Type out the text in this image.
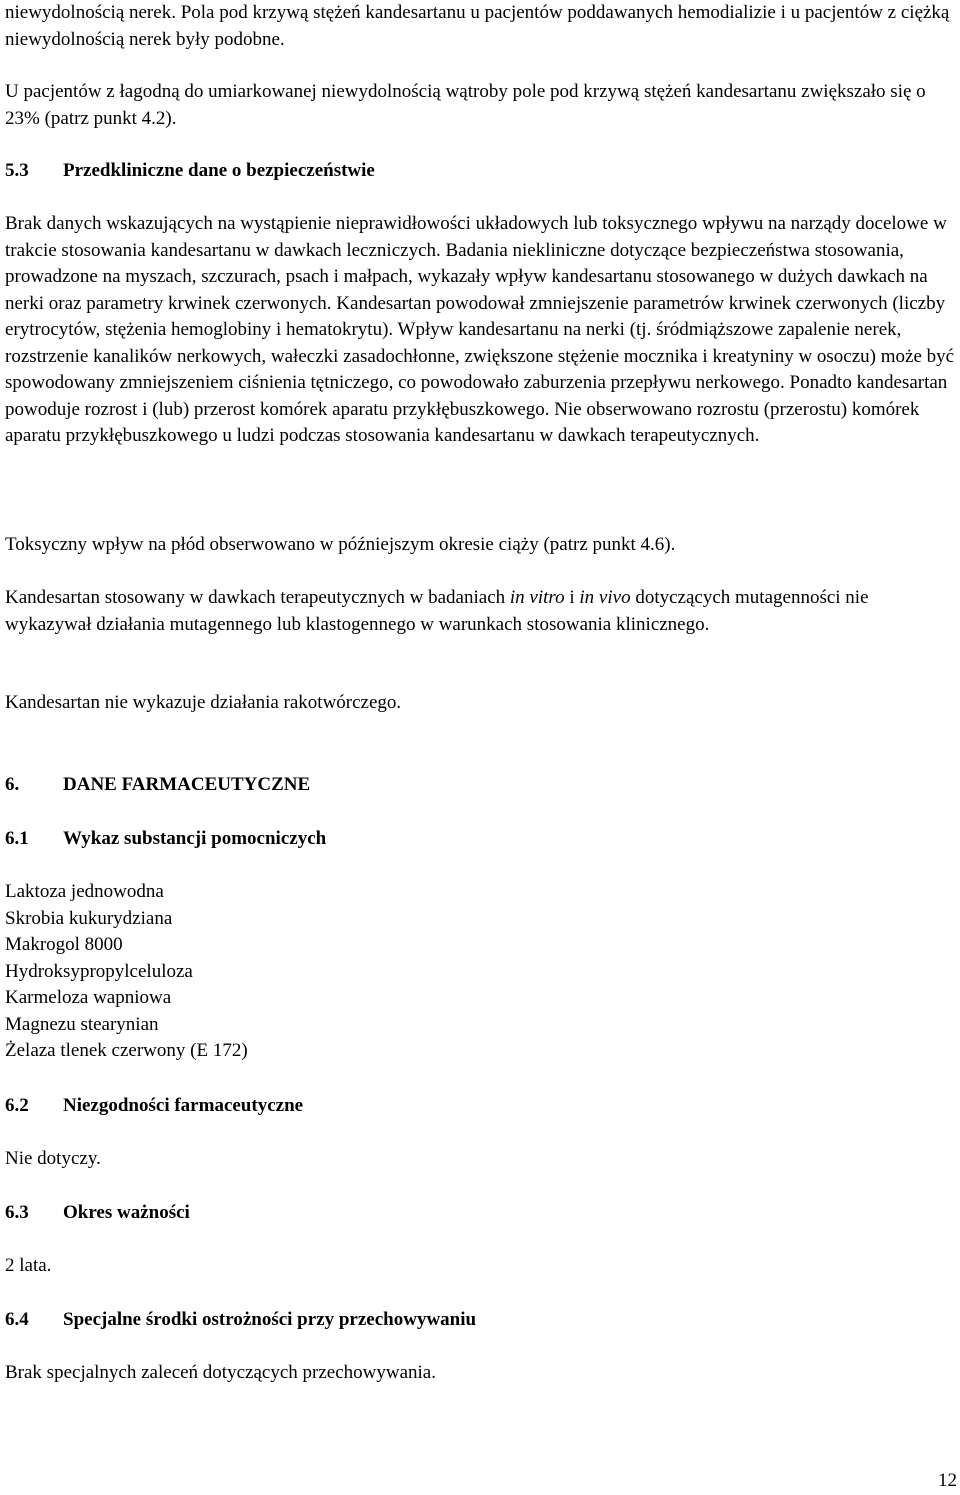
niewydolnością nerek. Pola pod krzywą stężeń kandesartanu u pacjentów poddawanych hemodializie i u pacjentów z ciężką niewydolnością nerek były podobne.

U pacjentów z łagodną do umiarkowanej niewydolnością wątroby pole pod krzywą stężeń kandesartanu zwiększało się o 23% (patrz punkt 4.2).

5.3 Przedkliniczne dane o bezpieczeństwie

Brak danych wskazujących na wystąpienie nieprawidłowości układowych lub toksycznego wpływu na narządy docelowe w trakcie stosowania kandesartanu w dawkach leczniczych. Badania niekliniczne dotyczące bezpieczeństwa stosowania, prowadzone na myszach, szczurach, psach i małpach, wykazały wpływ kandesartanu stosowanego w dużych dawkach na nerki oraz parametry krwinek czerwonych. Kandesartan powodował zmniejszenie parametrów krwinek czerwonych (liczby erytrocytów, stężenia hemoglobiny i hematokrytu). Wpływ kandesartanu na nerki (tj. śródmiąższowe zapalenie nerek, rozstrzenie kanalików nerkowych, wałeczki zasadochłonne, zwiększone stężenie mocznika i kreatyniny w osoczu) może być spowodowany zmniejszeniem ciśnienia tętniczego, co powodowało zaburzenia przepływu nerkowego. Ponadto kandesartan powoduje rozrost i (lub) przerost komórek aparatu przykłębuszkowego. Nie obserwowano rozrostu (przerostu) komórek aparatu przykłębuszkowego u ludzi podczas stosowania kandesartanu w dawkach terapeutycznych.

Toksyczny wpływ na płód obserwowano w późniejszym okresie ciąży (patrz punkt 4.6).

Kandesartan stosowany w dawkach terapeutycznych w badaniach in vitro i in vivo dotyczących mutagenności nie wykazywał działania mutagennego lub klastogennego w warunkach stosowania klinicznego.

Kandesartan nie wykazuje działania rakotwórczego.

6. DANE FARMACEUTYCZNE
6.1 Wykaz substancji pomocniczych
Laktoza jednowodna
Skrobia kukurydziana
Makrogol 8000
Hydroksypropylceluloza
Karmeloza wapniowa
Magnezu stearynian
Żelaza tlenek czerwony (E 172)
6.2 Niezgodności farmaceutyczne

Nie dotyczy.

6.3 Okres ważności

2 lata.

6.4 Specjalne środki ostrożności przy przechowywaniu

Brak specjalnych zaleceń dotyczących przechowywania.

12
